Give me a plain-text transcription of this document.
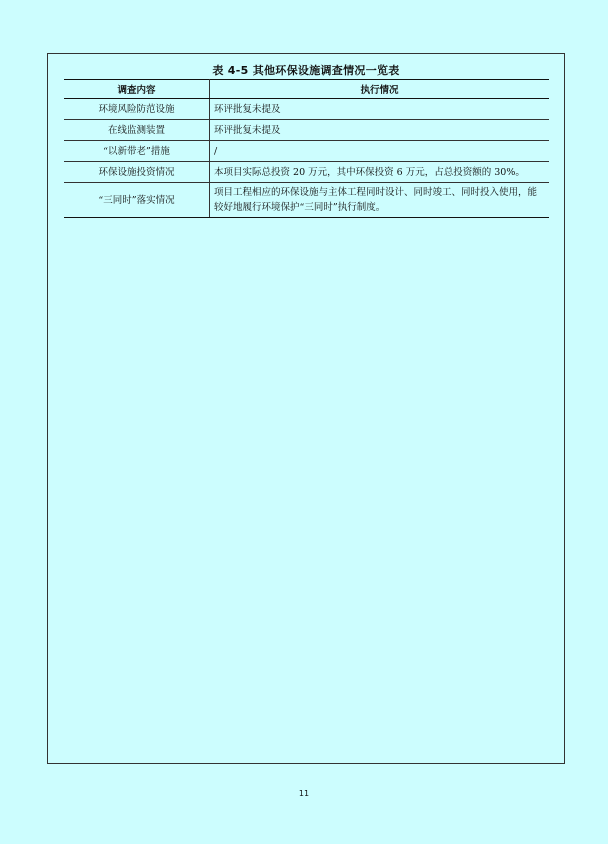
表 4-5 其他环保设施调查情况一览表
调查内容	执行情况
环境风险防范设施	环评批复未提及
在线监测装置	环评批复未提及
“以新带老”措施	/
环保设施投资情况	本项目实际总投资 20 万元，其中环保投资 6 万元，占总投资额的 30%。
“三同时”落实情况	项目工程相应的环保设施与主体工程同时设计、同时竣工、同时投入使用，能较好地履行环境保护“三同时”执行制度。
11
